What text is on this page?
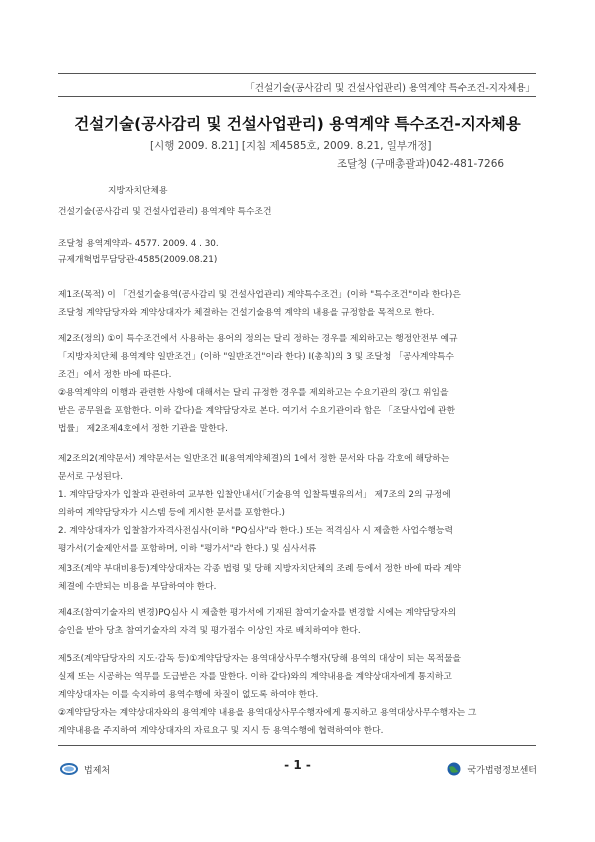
「건설기술(공사감리 및 건설사업관리) 용역계약 특수조건-지자체용」
건설기술(공사감리 및 건설사업관리) 용역계약 특수조건-지자체용
[시행 2009. 8.21] [지침 제4585호, 2009. 8.21, 일부개정]
조달청 (구매총괄과)042-481-7266
지방자치단체용
건설기술(공사감리 및 건설사업관리) 용역계약 특수조건
조달청 용역계약과- 4577. 2009. 4 . 30.
규제개혁법무담당관-4585(2009.08.21)
제1조(목적) 이 「건설기술용역(공사감리 및 건설사업관리) 계약특수조건」(이하 "특수조건"이라 한다)은
조달청 계약담당자와 계약상대자가 체결하는 건설기술용역 계약의 내용을 규정함을 목적으로 한다.
제2조(정의) ①이 특수조건에서 사용하는 용어의 정의는 달리 정하는 경우를 제외하고는 행정안전부 예규
「지방자치단체 용역계약 일반조건」(이하 "일반조건"이라 한다) Ⅰ(총칙)의 3 및 조달청 「공사계약특수
조건」에서 정한 바에 따른다.
②용역계약의 이행과 관련한 사항에 대해서는 달리 규정한 경우를 제외하고는 수요기관의 장(그 위임을
받은 공무원을 포함한다. 이하 같다)을 계약담당자로 본다. 여기서 수요기관이라 함은 「조달사업에 관한
법률」 제2조제4호에서 정한 기관을 말한다.
제2조의2(계약문서) 계약문서는 일반조건 Ⅱ(용역계약체결)의 1에서 정한 문서와 다음 각호에 해당하는
문서로 구성된다.
1. 계약담당자가 입찰과 관련하여 교부한 입찰안내서(「기술용역 입찰특별유의서」 제7조의 2의 규정에
의하여 계약담당자가 시스템 등에 게시한 문서를 포함한다.)
2. 계약상대자가 입찰참가자격사전심사(이하 "PQ심사"라 한다.) 또는 적격심사 시 제출한 사업수행능력
평가서(기술제안서를 포함하며, 이하 "평가서"라 한다.) 및 심사서류
제3조(계약 부대비용등)계약상대자는 각종 법령 및 당해 지방자치단체의 조례 등에서 정한 바에 따라 계약
체결에 수반되는 비용을 부담하여야 한다.
제4조(참여기술자의 변경)PQ심사 시 제출한 평가서에 기재된 참여기술자를 변경할 시에는 계약담당자의
승인을 받아 당초 참여기술자의 자격 및 평가점수 이상인 자로 배치하여야 한다.
제5조(계약담당자의 지도·감독 등)①계약담당자는 용역대상사무수행자(당해 용역의 대상이 되는 목적물을
실제 또는 시공하는 역무를 도급받은 자를 말한다. 이하 같다)와의 계약내용을 계약상대자에게 통지하고
계약상대자는 이를 숙지하여 용역수행에 차질이 없도록 하여야 한다.
②계약담당자는 계약상대자와의 용역계약 내용을 용역대상사무수행자에게 통지하고 용역대상사무수행자는 그
계약내용을 주지하여 계약상대자의 자료요구 및 지시 등 용역수행에 협력하여야 한다.
법제처	- 1 -	국가법령정보센터
